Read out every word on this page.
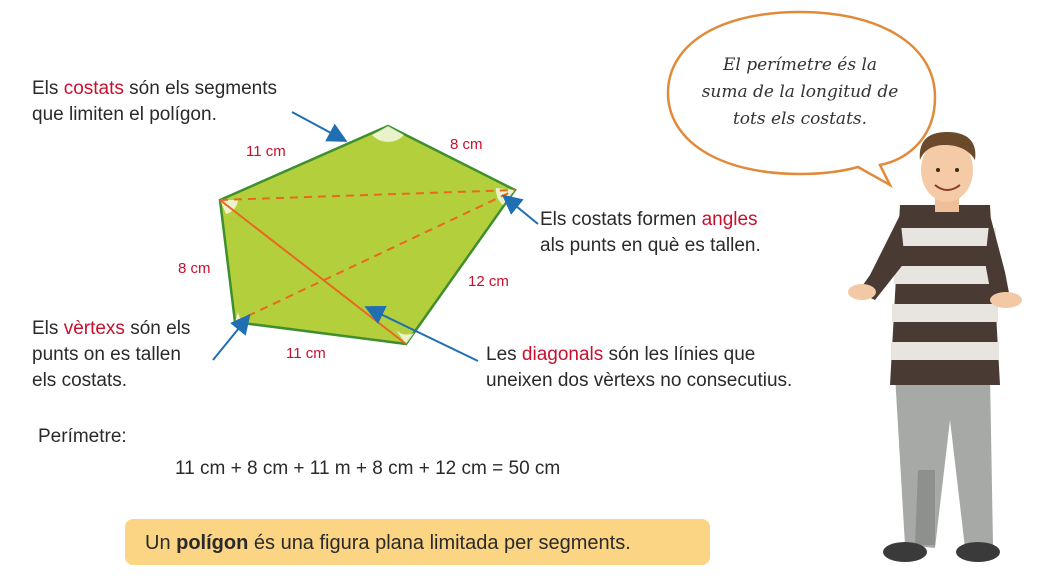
Els costats són els segments
que limiten el polígon.
Els costats formen angles
als punts en què es tallen.
Els vèrtexs són els
punts on es tallen
els costats.
Les diagonals són les línies que
uneixen dos vèrtexs no consecutius.
11 cm	8 cm
8 cm
12 cm
11 cm
El perímetre és la
suma de la longitud de
tots els costats.
Perímetre:
11 cm + 8 cm + 11 m + 8 cm + 12 cm = 50 cm
Un polígon és una figura plana limitada per segments.
